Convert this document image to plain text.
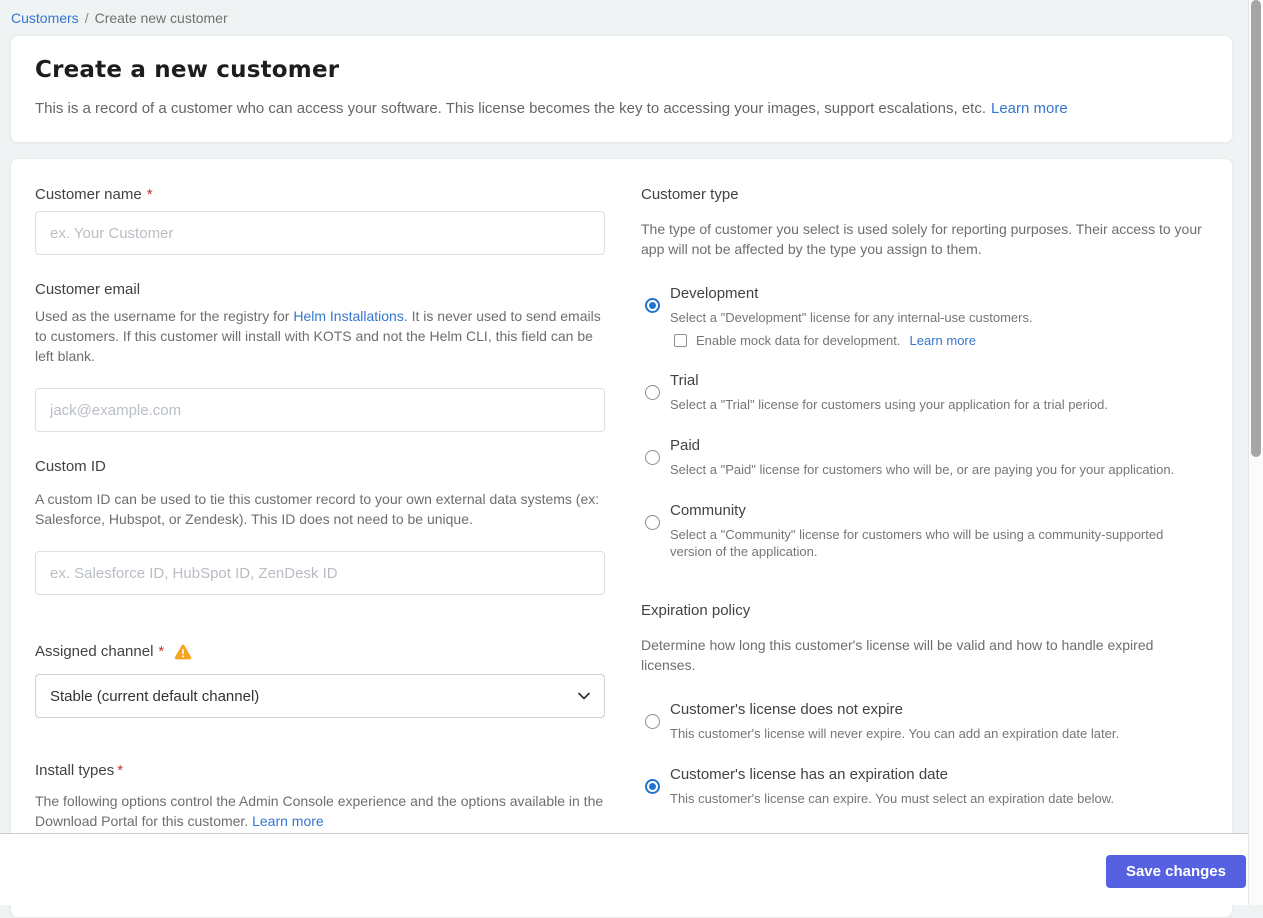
Customers / Create new customer
Create a new customer
This is a record of a customer who can access your software. This license becomes the key to accessing your images, support escalations, etc. Learn more
Customer name *
ex. Your Customer
Customer email

Used as the username for the registry for Helm Installations. It is never used to send emails to customers. If this customer will install with KOTS and not the Helm CLI, this field can be left blank.

jack@example.com
Custom ID

A custom ID can be used to tie this customer record to your own external data systems (ex: Salesforce, Hubspot, or Zendesk). This ID does not need to be unique.

ex. Salesforce ID, HubSpot ID, ZenDesk ID
Assigned channel *
Stable (current default channel)
Install types *

The following options control the Admin Console experience and the options available in the Download Portal for this customer. Learn more

Customer type

The type of customer you select is used solely for reporting purposes. Their access to your app will not be affected by the type you assign to them.

Development
Select a "Development" license for any internal-use customers.
Enable mock data for development. Learn more
Trial
Select a "Trial" license for customers using your application for a trial period.
Paid
Select a "Paid" license for customers who will be, or are paying you for your application.
Community
Select a "Community" license for customers who will be using a community-supported version of the application.
Expiration policy

Determine how long this customer's license will be valid and how to handle expired licenses.

Customer's license does not expire
This customer's license will never expire. You can add an expiration date later.
Customer's license has an expiration date
This customer's license can expire. You must select an expiration date below.
Save changes
